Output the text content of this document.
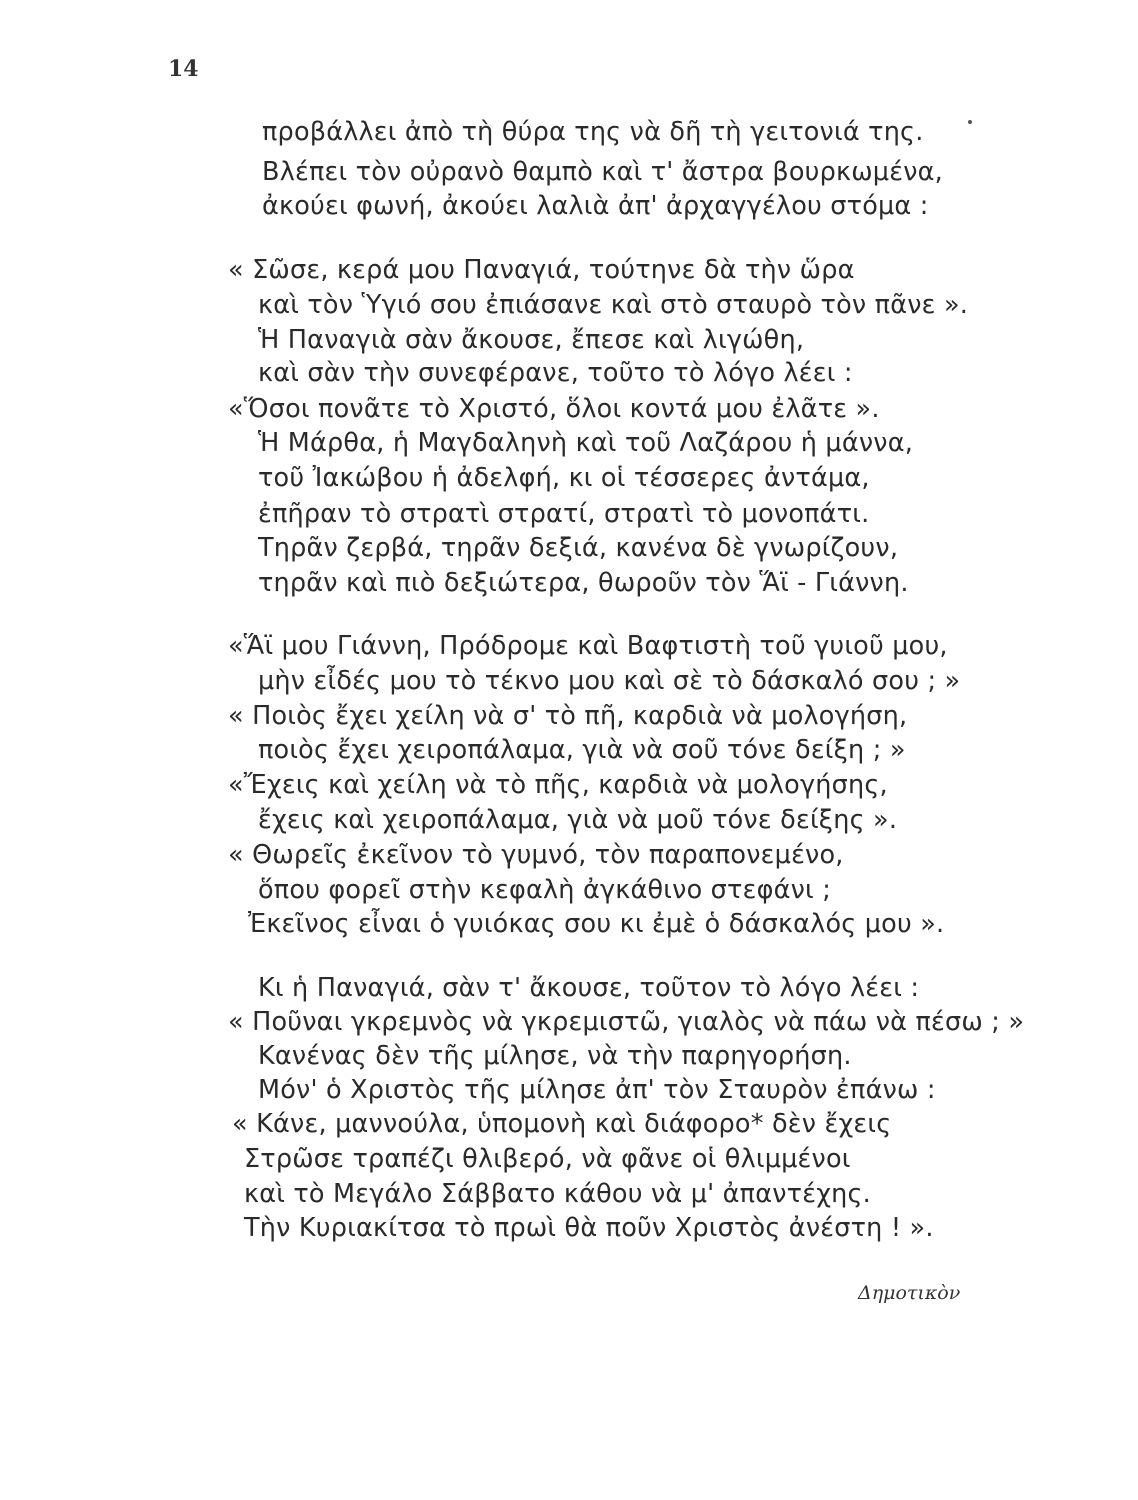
14
προβάλλει ἀπὸ τὴ θύρα της νὰ δῆ τὴ γειτονιά της.
Βλέπει τὸν οὐρανὸ θαμπὸ καὶ τ' ἄστρα βουρκωμένα,
ἀκούει φωνή, ἀκούει λαλιὰ ἀπ' ἀρχαγγέλου στόμα :
« Σῶσε, κερά μου Παναγιά, τούτηνε δὰ τὴν ὥρα
καὶ τὸν Ὑγιό σου ἐπιάσανε καὶ στὸ σταυρὸ τὸν πᾶνε ».
Ἡ Παναγιὰ σὰν ἄκουσε, ἔπεσε καὶ λιγώθη,
καὶ σὰν τὴν συνεφέρανε, τοῦτο τὸ λόγο λέει :
«Ὅσοι πονᾶτε τὸ Χριστό, ὅλοι κοντά μου ἐλᾶτε ».
Ἡ Μάρθα, ἡ Μαγδαληνὴ καὶ τοῦ Λαζάρου ἡ μάννα,
τοῦ Ἰακώβου ἡ ἀδελφή, κι οἱ τέσσερες ἀντάμα,
ἐπῆραν τὸ στρατὶ στρατί, στρατὶ τὸ μονοπάτι.
Τηρᾶν ζερβά, τηρᾶν δεξιά, κανένα δὲ γνωρίζουν,
τηρᾶν καὶ πιὸ δεξιώτερα, θωροῦν τὸν Ἅϊ - Γιάννη.
«Ἅϊ μου Γιάννη, Πρόδρομε καὶ Βαφτιστὴ τοῦ γυιοῦ μου,
μὴν εἶδές μου τὸ τέκνο μου καὶ σὲ τὸ δάσκαλό σου ; »
« Ποιὸς ἔχει χείλη νὰ σ' τὸ πῆ, καρδιὰ νὰ μολογήση,
ποιὸς ἔχει χειροπάλαμα, γιὰ νὰ σοῦ τόνε δείξη ; »
«Ἔχεις καὶ χείλη νὰ τὸ πῆς, καρδιὰ νὰ μολογήσης,
ἔχεις καὶ χειροπάλαμα, γιὰ νὰ μοῦ τόνε δείξης ».
« Θωρεῖς ἐκεῖνον τὸ γυμνό, τὸν παραπονεμένο,
ὅπου φορεῖ στὴν κεφαλὴ ἀγκάθινο στεφάνι ;
Ἐκεῖνος εἶναι ὁ γυιόκας σου κι ἐμὲ ὁ δάσκαλός μου ».
Κι ἡ Παναγιά, σὰν τ' ἄκουσε, τοῦτον τὸ λόγο λέει :
« Ποῦναι γκρεμνὸς νὰ γκρεμιστῶ, γιαλὸς νὰ πάω νὰ πέσω ; »
Κανένας δὲν τῆς μίλησε, νὰ τὴν παρηγορήση.
Μόν' ὁ Χριστὸς τῆς μίλησε ἀπ' τὸν Σταυρὸν ἐπάνω :
« Κάνε, μαννούλα, ὑπομονὴ καὶ διάφορο* δὲν ἔχεις
Στρῶσε τραπέζι θλιβερό, νὰ φᾶνε οἱ θλιμμένοι
καὶ τὸ Μεγάλο Σάββατο κάθου νὰ μ' ἀπαντέχης.
Τὴν Κυριακίτσα τὸ πρωὶ θὰ ποῦν Χριστὸς ἀνέστη ! ».
Δημοτικὸν
